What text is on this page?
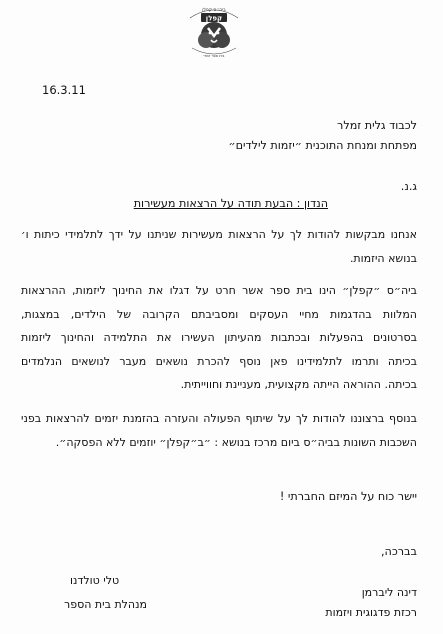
ביה״ס קפלן
קפלן
בית ספר יסודי
16.3.11
לכבוד גלית זמלר
מפתחת ומנחת התוכנית ״יזמות לילדים״
ג.נ.
הנדון : הבעת תודה על הרצאות מעשירות
אנחנו מבקשות להודות לך על הרצאות מעשירות שניתנו על ידך לתלמידי כיתות ו׳
בנושא היזמות.
ביה״ס ״קפלן״ הינו בית ספר אשר חרט על דגלו את החינוך ליזמות, ההרצאות
המלוות בהדגמות מחיי העסקים ומסביבתם הקרובה של הילדים, במצגות,
בסרטונים בהפעלות ובכתבות מהעיתון העשירו את התלמידה והחינוך ליזמות
בכיתה ותרמו לתלמידינו פאן נוסף להכרת נושאים מעבר לנושאים הנלמדים
בכיתה. ההוראה הייתה מקצועית, מעניינת וחווייתית.
בנוסף ברצוננו להודות לך על שיתוף הפעולה והעזרה בהזמנת יזמים להרצאות בפני
השכבות השונות בביה״ס ביום מרכז בנושא : ״ב״קפלן״ יוזמים ללא הפסקה״.
יישר כוח על המיזם החברתי !
בברכה,
דינה ליברמן
רכזת פדגוגית ויזמות
טלי טולדנו
מנהלת בית הספר
